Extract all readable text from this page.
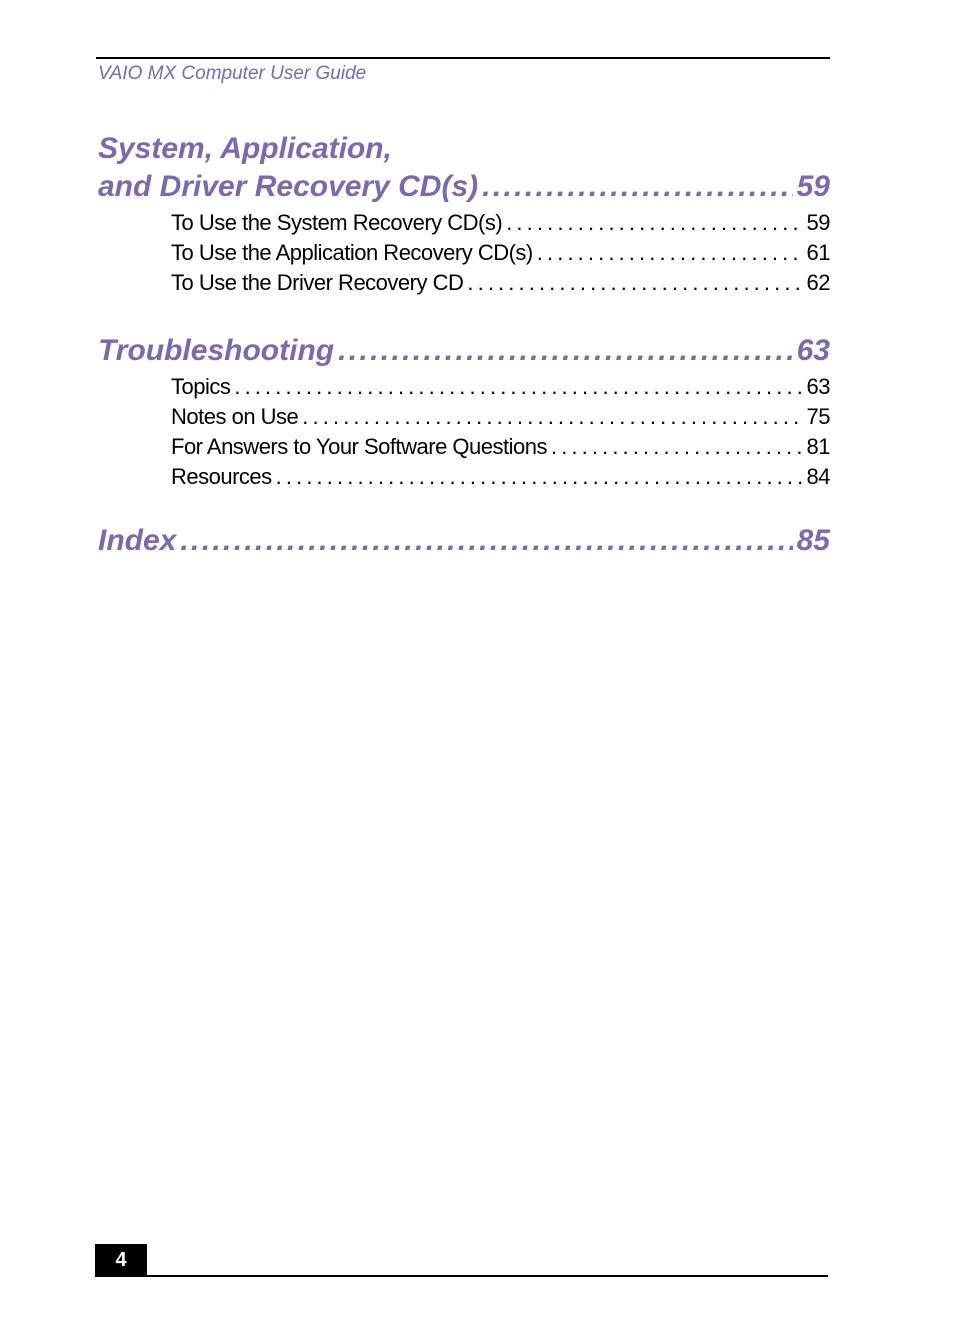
VAIO MX Computer User Guide
System, Application,
and Driver Recovery CD(s) . . .	59
To Use the System Recovery CD(s) . . .	59
To Use the Application Recovery CD(s) . . .	61
To Use the Driver Recovery CD . . .	62
Troubleshooting . . .	63
Topics . . .	63
Notes on Use . . .	75
For Answers to Your Software Questions . . .	81
Resources . . .	84
Index . . .	85
4
